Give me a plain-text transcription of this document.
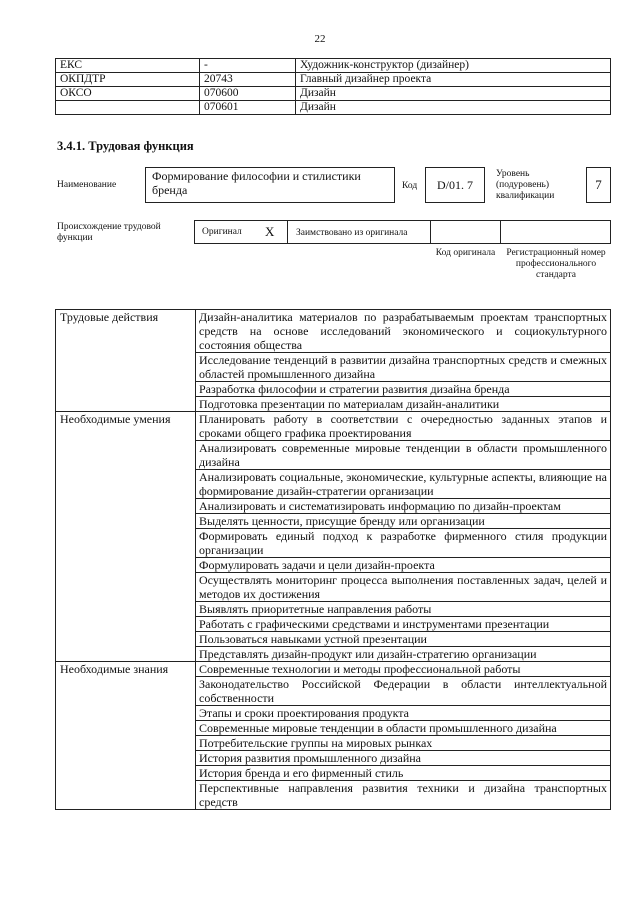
22
ЕКС	-	Художник-конструктор (дизайнер)
ОКПДТР	20743	Главный дизайнер проекта
ОКСО	070600	Дизайн
	070601	Дизайн
3.4.1. Трудовая функция
Наименование
Формирование философии и стилистики бренда	Код	D/01. 7
Уровень (подуровень) квалификации
7
Происхождение трудовой функции
Оригинал X	Заимствовано из оригинала
Код оригинала	Регистрационный номер профессионального стандарта
Трудовые действия	Дизайн-аналитика материалов по разрабатываемым проектам транспортных средств на основе исследований экономического и социокультурного состояния общества
	Исследование тенденций в развитии дизайна транспортных средств и смежных областей промышленного дизайна
	Разработка философии и стратегии развития дизайна бренда
	Подготовка презентации по материалам дизайн-аналитики
Необходимые умения	Планировать работу в соответствии с очередностью заданных этапов и сроками общего графика проектирования
	Анализировать современные мировые тенденции в области промышленного дизайна
	Анализировать социальные, экономические, культурные аспекты, влияющие на формирование дизайн-стратегии организации
	Анализировать и систематизировать информацию по дизайн-проектам
	Выделять ценности, присущие бренду или организации
	Формировать единый подход к разработке фирменного стиля продукции организации
	Формулировать задачи и цели дизайн-проекта
	Осуществлять мониторинг процесса выполнения поставленных задач, целей и методов их достижения
	Выявлять приоритетные направления работы
	Работать с графическими средствами и инструментами презентации
	Пользоваться навыками устной презентации
	Представлять дизайн-продукт или дизайн-стратегию организации
Необходимые знания	Современные технологии и методы профессиональной работы
	Законодательство Российской Федерации в области интеллектуальной собственности
	Этапы и сроки проектирования продукта
	Современные мировые тенденции в области промышленного дизайна
	Потребительские группы на мировых рынках
	История развития промышленного дизайна
	История бренда и его фирменный стиль
	Перспективные направления развития техники и дизайна транспортных средств
